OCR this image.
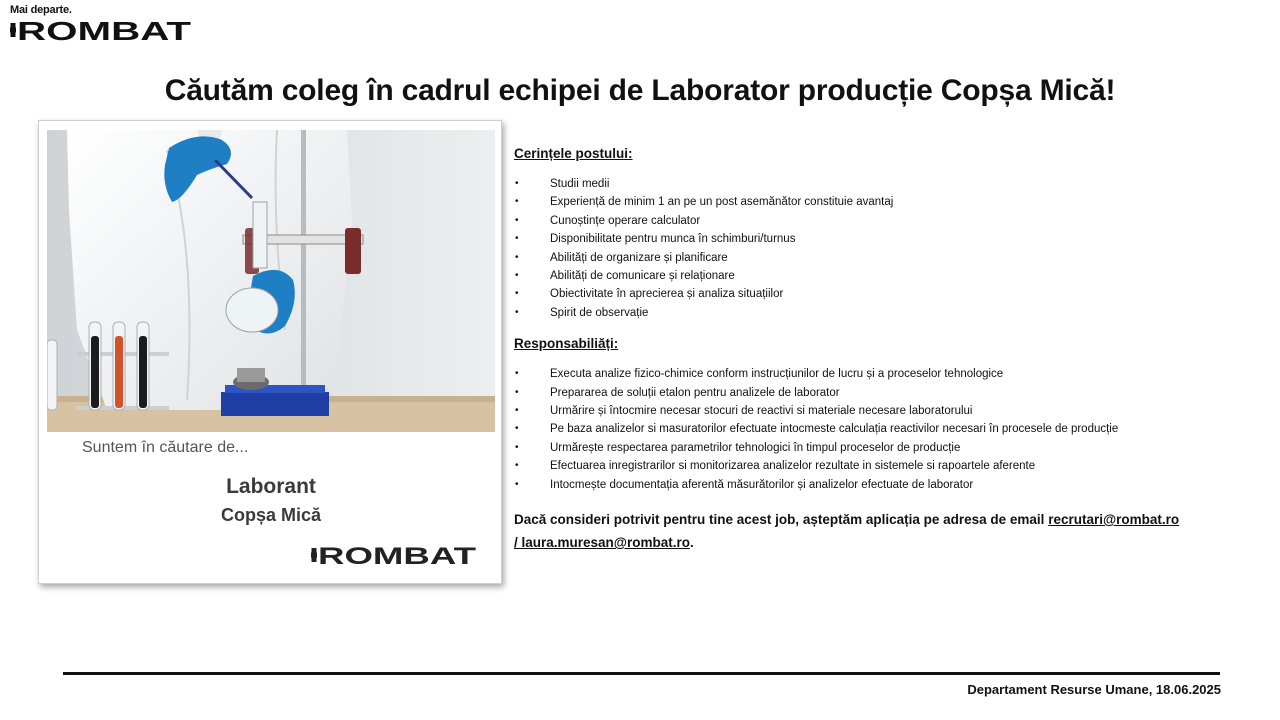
Mai departe.
ROMBAT
Căutăm coleg în cadrul echipei de Laborator producție Copșa Mică!
Suntem în căutare de...
Laborant
Copșa Mică
ROMBAT
Cerințele postului:
•	Studii medii
•	Experiență de minim 1 an pe un post asemănător constituie avantaj
•	Cunoștințe operare calculator
•	Disponibilitate pentru munca în schimburi/turnus
•	Abilități de organizare și planificare
•	Abilități de comunicare și relaționare
•	Obiectivitate în aprecierea și analiza situațiilor
•	Spirit de observație
Responsabiliăți:
•	Executa analize fizico-chimice conform instrucțiunilor de lucru și a proceselor tehnologice
•	Prepararea de soluții etalon pentru analizele de laborator
•	Urmărire și întocmire necesar stocuri de reactivi si materiale necesare laboratorului
•	Pe baza analizelor si masuratorilor efectuate intocmeste calculația reactivilor necesari în procesele de producție
•	Urmărește respectarea parametrilor tehnologici în timpul proceselor de producție
•	Efectuarea inregistrarilor si monitorizarea analizelor rezultate in sistemele si rapoartele aferente
•	Intocmește documentația aferentă măsurătorilor și analizelor efectuate de laborator

Dacă consideri potrivit pentru tine acest job, așteptăm aplicația pe adresa de email recrutari@rombat.ro
/ laura.muresan@rombat.ro.

Departament Resurse Umane, 18.06.2025
